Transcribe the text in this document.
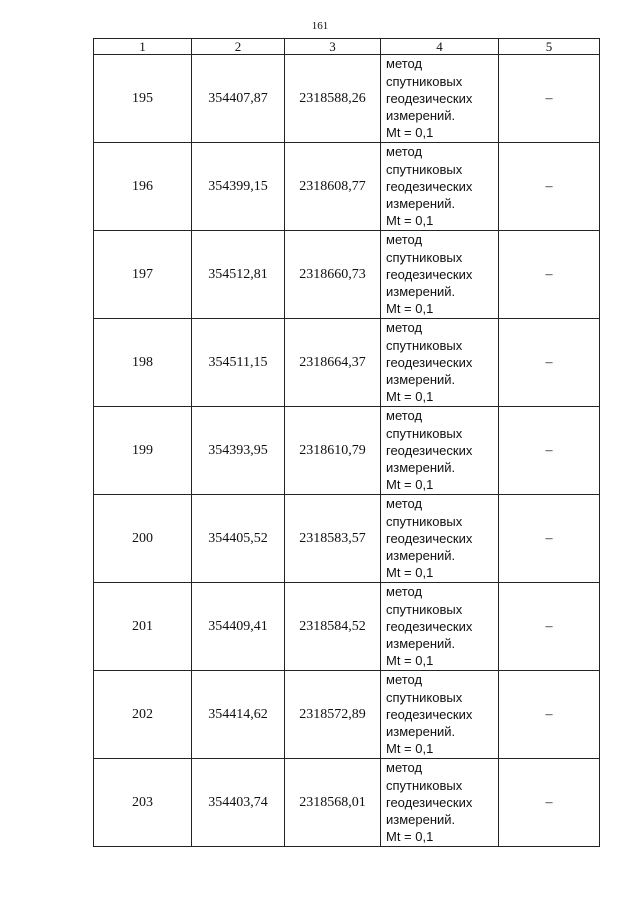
161
1	2	3	4	5
195	354407,87	2318588,26	метод
спутниковых
геодезических
измерений.
Mt = 0,1	–
196	354399,15	2318608,77	метод
спутниковых
геодезических
измерений.
Mt = 0,1	–
197	354512,81	2318660,73	метод
спутниковых
геодезических
измерений.
Mt = 0,1	–
198	354511,15	2318664,37	метод
спутниковых
геодезических
измерений.
Mt = 0,1	–
199	354393,95	2318610,79	метод
спутниковых
геодезических
измерений.
Mt = 0,1	–
200	354405,52	2318583,57	метод
спутниковых
геодезических
измерений.
Mt = 0,1	–
201	354409,41	2318584,52	метод
спутниковых
геодезических
измерений.
Mt = 0,1	–
202	354414,62	2318572,89	метод
спутниковых
геодезических
измерений.
Mt = 0,1	–
203	354403,74	2318568,01	метод
спутниковых
геодезических
измерений.
Mt = 0,1	–
